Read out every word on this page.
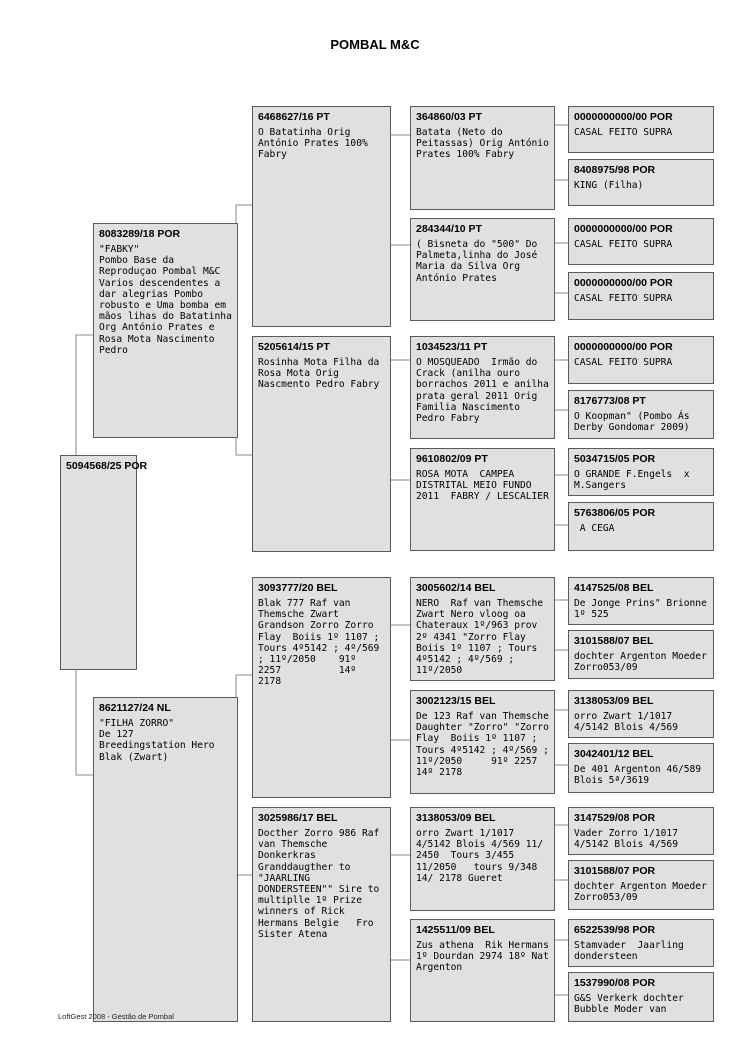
POMBAL M&C
5094568/25 POR
8083289/18 POR
"FABKY"
Pombo Base da Reproduçao Pombal M&C Varios descendentes a dar alegrias Pombo robusto e Uma bomba em mãos lihas do Batatinha Org António Prates e Rosa Mota Nascimento Pedro
8621127/24 NL
"FILHA ZORRO"
De 127
Breedingstation Hero Blak (Zwart)
6468627/16 PT
O Batatinha Orig António Prates 100% Fabry
5205614/15 PT
Rosinha Mota Filha da Rosa Mota Orig Nascmento Pedro Fabry
3093777/20 BEL
Blak 777 Raf van Themsche Zwart Grandson Zorro Zorro Flay  Boiis 1º 1107 ; Tours 4º5142 ; 4º/569 ; 11º/2050    91º 2257          14º 2178
3025986/17 BEL
Docther Zorro 986 Raf van Themsche Donkerkras Granddaugther to "JAARLING DONDERSTEEN"" Sire to multiplle 1º Prize winners of Rick Hermans Belgie   Fro Sister Atena
364860/03 PT
Batata (Neto do Peitassas) Orig António Prates 100% Fabry
284344/10 PT
( Bisneta do "500" Do Palmeta,linha do José Maria da Silva Org António Prates
1034523/11 PT
O MOSQUEADO  Irmão do Crack (anilha ouro borrachos 2011 e anilha prata geral 2011 Orig Familia Nascimento Pedro Fabry
9610802/09 PT
ROSA MOTA  CAMPEA DISTRITAL MEIO FUNDO 2011  FABRY / LESCALIER
3005602/14 BEL
NERO  Raf van Themsche Zwart Nero vloog oa Chateraux 1º/963 prov 2º 4341 "Zorro Flay  Boiis 1º 1107 ; Tours 4º5142 ; 4º/569 ; 11º/2050
3002123/15 BEL
De 123 Raf van Themsche Daughter "Zorro" "Zorro Flay  Boiis 1º 1107 ; Tours 4º5142 ; 4º/569 ; 11º/2050     91º 2257 14º 2178
3138053/09 BEL
orro Zwart 1/1017 4/5142 Blois 4/569 11/ 2450  Tours 3/455 11/2050   tours 9/348 14/ 2178 Gueret
1425511/09 BEL
Zus athena  Rik Hermans 1º Dourdan 2974 18º Nat Argenton
0000000000/00 POR
CASAL FEITO SUPRA
8408975/98 POR
KING (Filha)
0000000000/00 POR
CASAL FEITO SUPRA
0000000000/00 POR
CASAL FEITO SUPRA
0000000000/00 POR
CASAL FEITO SUPRA
8176773/08 PT
O Koopman" (Pombo Ás Derby Gondomar 2009)
5034715/05 POR
O GRANDE F.Engels  x M.Sangers
5763806/05 POR
A CEGA
4147525/08 BEL
De Jonge Prins" Brionne 1º 525
3101588/07 BEL
dochter Argenton Moeder Zorro053/09
3138053/09 BEL
orro Zwart 1/1017 4/5142 Blois 4/569
3042401/12 BEL
De 401 Argenton 46/589 Blois 5ª/3619
3147529/08 POR
Vader Zorro 1/1017 4/5142 Blois 4/569
3101588/07 POR
dochter Argenton Moeder Zorro053/09
6522539/98 POR
Stamvader  Jaarling dondersteen
1537990/08 POR
G&S Verkerk dochter Bubble Moder van
LoftGest 2008 - Gestão de Pombal
